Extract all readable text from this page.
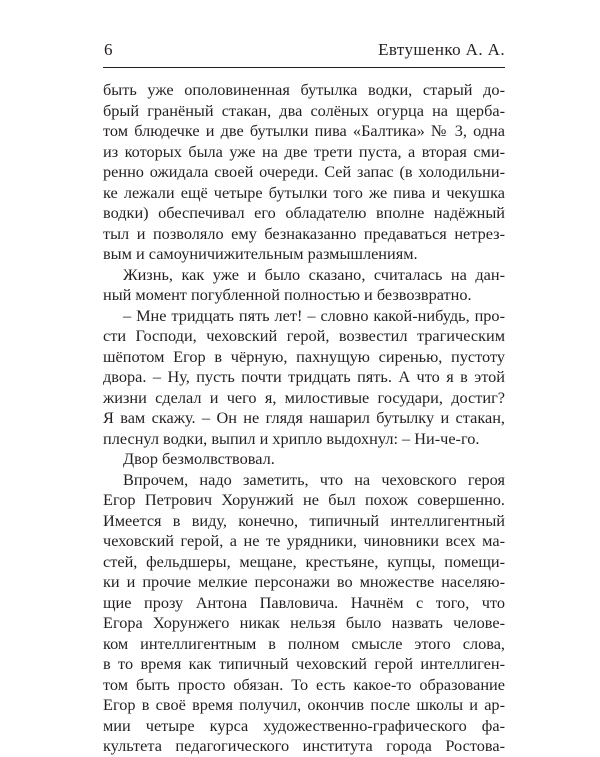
6	Евтушенко А. А.
быть уже ополовиненная бутылка водки, старый до-
брый гранёный стакан, два солёных огурца на щерба-
том блюдечке и две бутылки пива «Балтика» № 3, одна
из которых была уже на две трети пуста, а вторая сми-
ренно ожидала своей очереди. Сей запас (в холодильни-
ке лежали ещё четыре бутылки того же пива и чекушка
водки) обеспечивал его обладателю вполне надёжный
тыл и позволяло ему безнаказанно предаваться нетрез-
вым и самоуничижительным размышлениям.
Жизнь, как уже и было сказано, считалась на дан-
ный момент погубленной полностью и безвозвратно.
– Мне тридцать пять лет! – словно какой-нибудь, про-
сти Господи, чеховский герой, возвестил трагическим
шёпотом Егор в чёрную, пахнущую сиренью, пустоту
двора. – Ну, пусть почти тридцать пять. А что я в этой
жизни сделал и чего я, милостивые государи, достиг?
Я вам скажу. – Он не глядя нашарил бутылку и стакан,
плеснул водки, выпил и хрипло выдохнул: – Ни-че-го.
Двор безмолвствовал.
Впрочем, надо заметить, что на чеховского героя
Егор Петрович Хорунжий не был похож совершенно.
Имеется в виду, конечно, типичный интеллигентный
чеховский герой, а не те урядники, чиновники всех ма-
стей, фельдшеры, мещане, крестьяне, купцы, помещи-
ки и прочие мелкие персонажи во множестве населяю-
щие прозу Антона Павловича. Начнём с того, что
Егора Хорунжего никак нельзя было назвать челове-
ком интеллигентным в полном смысле этого слова,
в то время как типичный чеховский герой интеллиген-
том быть просто обязан. То есть какое-то образование
Егор в своё время получил, окончив после школы и ар-
мии четыре курса художественно-графического фа-
культета педагогического института города Ростова-
